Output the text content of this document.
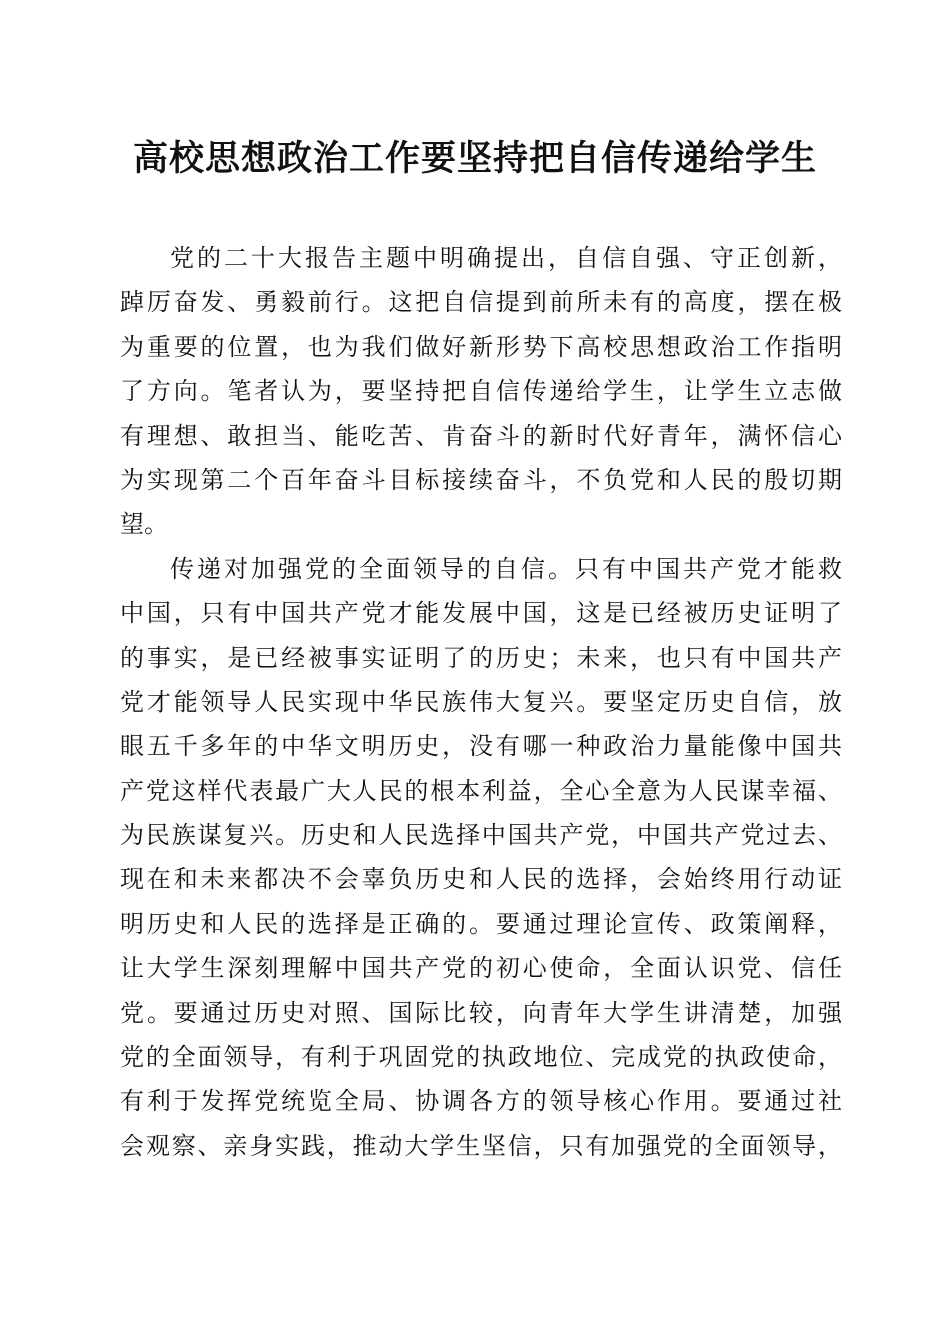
高校思想政治工作要坚持把自信传递给学生
党的二十大报告主题中明确提出，自信自强、守正创新，
踔厉奋发、勇毅前行。这把自信提到前所未有的高度，摆在极
为重要的位置，也为我们做好新形势下高校思想政治工作指明
了方向。笔者认为，要坚持把自信传递给学生，让学生立志做
有理想、敢担当、能吃苦、肯奋斗的新时代好青年，满怀信心
为实现第二个百年奋斗目标接续奋斗，不负党和人民的殷切期
望。
传递对加强党的全面领导的自信。只有中国共产党才能救
中国，只有中国共产党才能发展中国，这是已经被历史证明了
的事实，是已经被事实证明了的历史；未来，也只有中国共产
党才能领导人民实现中华民族伟大复兴。要坚定历史自信，放
眼五千多年的中华文明历史，没有哪一种政治力量能像中国共
产党这样代表最广大人民的根本利益，全心全意为人民谋幸福、
为民族谋复兴。历史和人民选择中国共产党，中国共产党过去、
现在和未来都决不会辜负历史和人民的选择，会始终用行动证
明历史和人民的选择是正确的。要通过理论宣传、政策阐释，
让大学生深刻理解中国共产党的初心使命，全面认识党、信任
党。要通过历史对照、国际比较，向青年大学生讲清楚，加强
党的全面领导，有利于巩固党的执政地位、完成党的执政使命，
有利于发挥党统览全局、协调各方的领导核心作用。要通过社
会观察、亲身实践，推动大学生坚信，只有加强党的全面领导，
